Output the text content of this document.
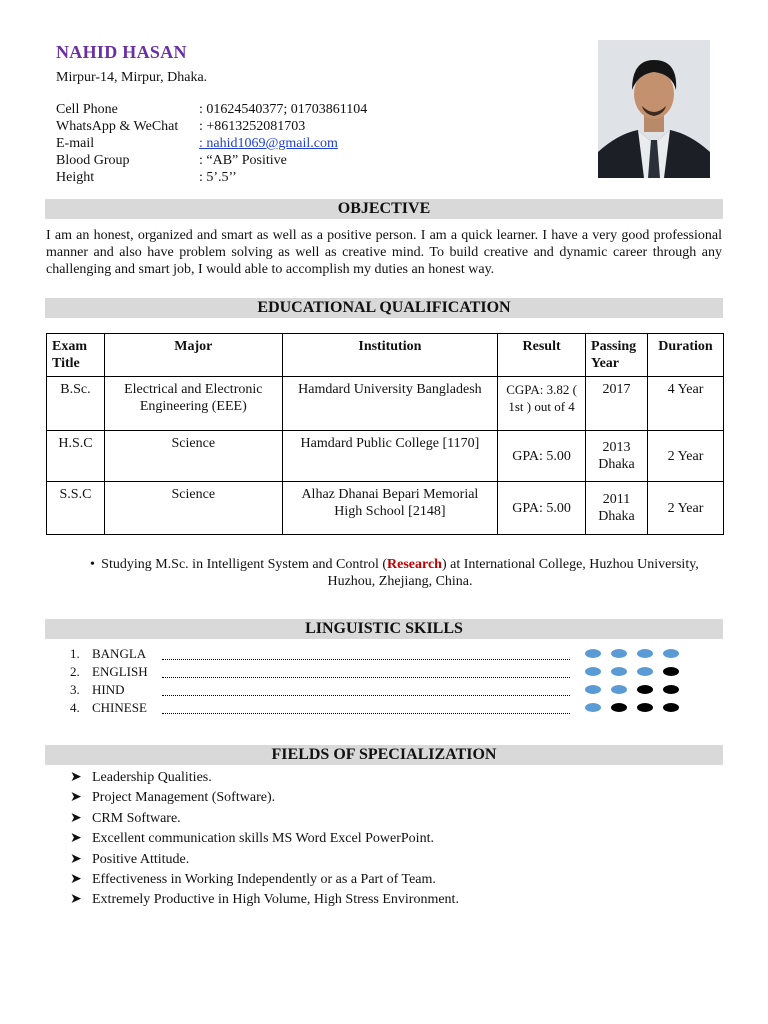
NAHID HASAN
Mirpur-14, Mirpur, Dhaka.
Cell Phone	: 01624540377; 01703861104
WhatsApp & WeChat	: +8613252081703
E-mail	: nahid1069@gmail.com
Blood Group	: “AB” Positive
Height	: 5’.5’’
OBJECTIVE
I am an honest, organized and smart as well as a positive person. I am a quick learner. I have a very good professional manner and also have problem solving as well as creative mind. To build creative and dynamic career through any challenging and smart job, I would able to accomplish my duties an honest way.
EDUCATIONAL QUALIFICATION
Exam Title	Major	Institution	Result	Passing Year	Duration
B.Sc.	Electrical and Electronic Engineering (EEE)	Hamdard University Bangladesh	CGPA: 3.82 ( 1st ) out of 4	2017	4 Year
H.S.C	Science	Hamdard Public College [1170]	GPA: 5.00	2013 Dhaka	2 Year
S.S.C	Science	Alhaz Dhanai Bepari Memorial High School [2148]	GPA: 5.00	2011 Dhaka	2 Year
• Studying M.Sc. in Intelligent System and Control (Research) at International College, Huzhou University, Huzhou, Zhejiang, China.
LINGUISTIC SKILLS
1. BANGLA
2. ENGLISH
3. HIND
4. CHINESE
FIELDS OF SPECIALIZATION
➤ Leadership Qualities.
➤ Project Management (Software).
➤ CRM Software.
➤ Excellent communication skills MS Word Excel PowerPoint.
➤ Positive Attitude.
➤ Effectiveness in Working Independently or as a Part of Team.
➤ Extremely Productive in High Volume, High Stress Environment.
